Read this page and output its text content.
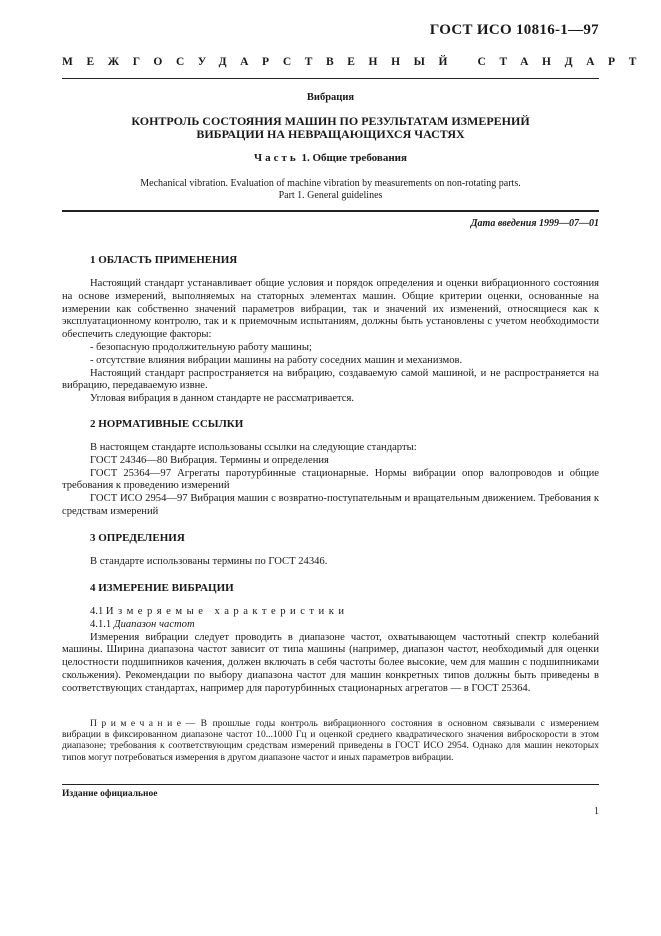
ГОСТ ИСО 10816-1—97
МЕЖГОСУДАРСТВЕННЫЙ СТАНДАРТ
Вибрация
КОНТРОЛЬ СОСТОЯНИЯ МАШИН ПО РЕЗУЛЬТАТАМ ИЗМЕРЕНИЙ
ВИБРАЦИИ НА НЕВРАЩАЮЩИХСЯ ЧАСТЯХ
Часть 1. Общие требования
Mechanical vibration. Evaluation of machine vibration by measurements on non-rotating parts.
Part 1. General guidelines
Дата введения 1999—07—01
1 ОБЛАСТЬ ПРИМЕНЕНИЯ

Настоящий стандарт устанавливает общие условия и порядок определения и оценки вибрационного состояния на основе измерений, выполняемых на статорных элементах машин. Общие критерии оценки, основанные на измерении как собственно значений параметров вибрации, так и значений их изменений, относящиеся как к эксплуатационному контролю, так и к приемочным испытаниям, должны быть установлены с учетом необходимости обеспечить следующие факторы:

- безопасную продолжительную работу машины;

- отсутствие влияния вибрации машины на работу соседних машин и механизмов.

Настоящий стандарт распространяется на вибрацию, создаваемую самой машиной, и не распространяется на вибрацию, передаваемую извне.

Угловая вибрация в данном стандарте не рассматривается.

2 НОРМАТИВНЫЕ ССЫЛКИ

В настоящем стандарте использованы ссылки на следующие стандарты:

ГОСТ 24346—80 Вибрация. Термины и определения

ГОСТ 25364—97 Агрегаты паротурбинные стационарные. Нормы вибрации опор валопроводов и общие требования к проведению измерений

ГОСТ ИСО 2954—97 Вибрация машин с возвратно-поступательным и вращательным движением. Требования к средствам измерений

3 ОПРЕДЕЛЕНИЯ

В стандарте использованы термины по ГОСТ 24346.

4 ИЗМЕРЕНИЕ ВИБРАЦИИ

4.1 Измеряемые характеристики

4.1.1 Диапазон частот

Измерения вибрации следует проводить в диапазоне частот, охватывающем частотный спектр колебаний машины. Ширина диапазона частот зависит от типа машины (например, диапазон частот, необходимый для оценки целостности подшипников качения, должен включать в себя частоты более высокие, чем для машин с подшипниками скольжения). Рекомендации по выбору диапазона частот для машин конкретных типов должны быть приведены в соответствующих стандартах, например для паротурбинных стационарных агрегатов — в ГОСТ 25364.

Примечание— В прошлые годы контроль вибрационного состояния в основном связывали с измерением вибрации в фиксированном диапазоне частот 10...1000 Гц и оценкой среднего квадратического значения виброскорости в этом диапазоне; требования к соответствующим средствам измерений приведены в ГОСТ ИСО 2954. Однако для машин некоторых типов могут потребоваться измерения в другом диапазоне частот и иных параметров вибрации.

Издание официальное
1
